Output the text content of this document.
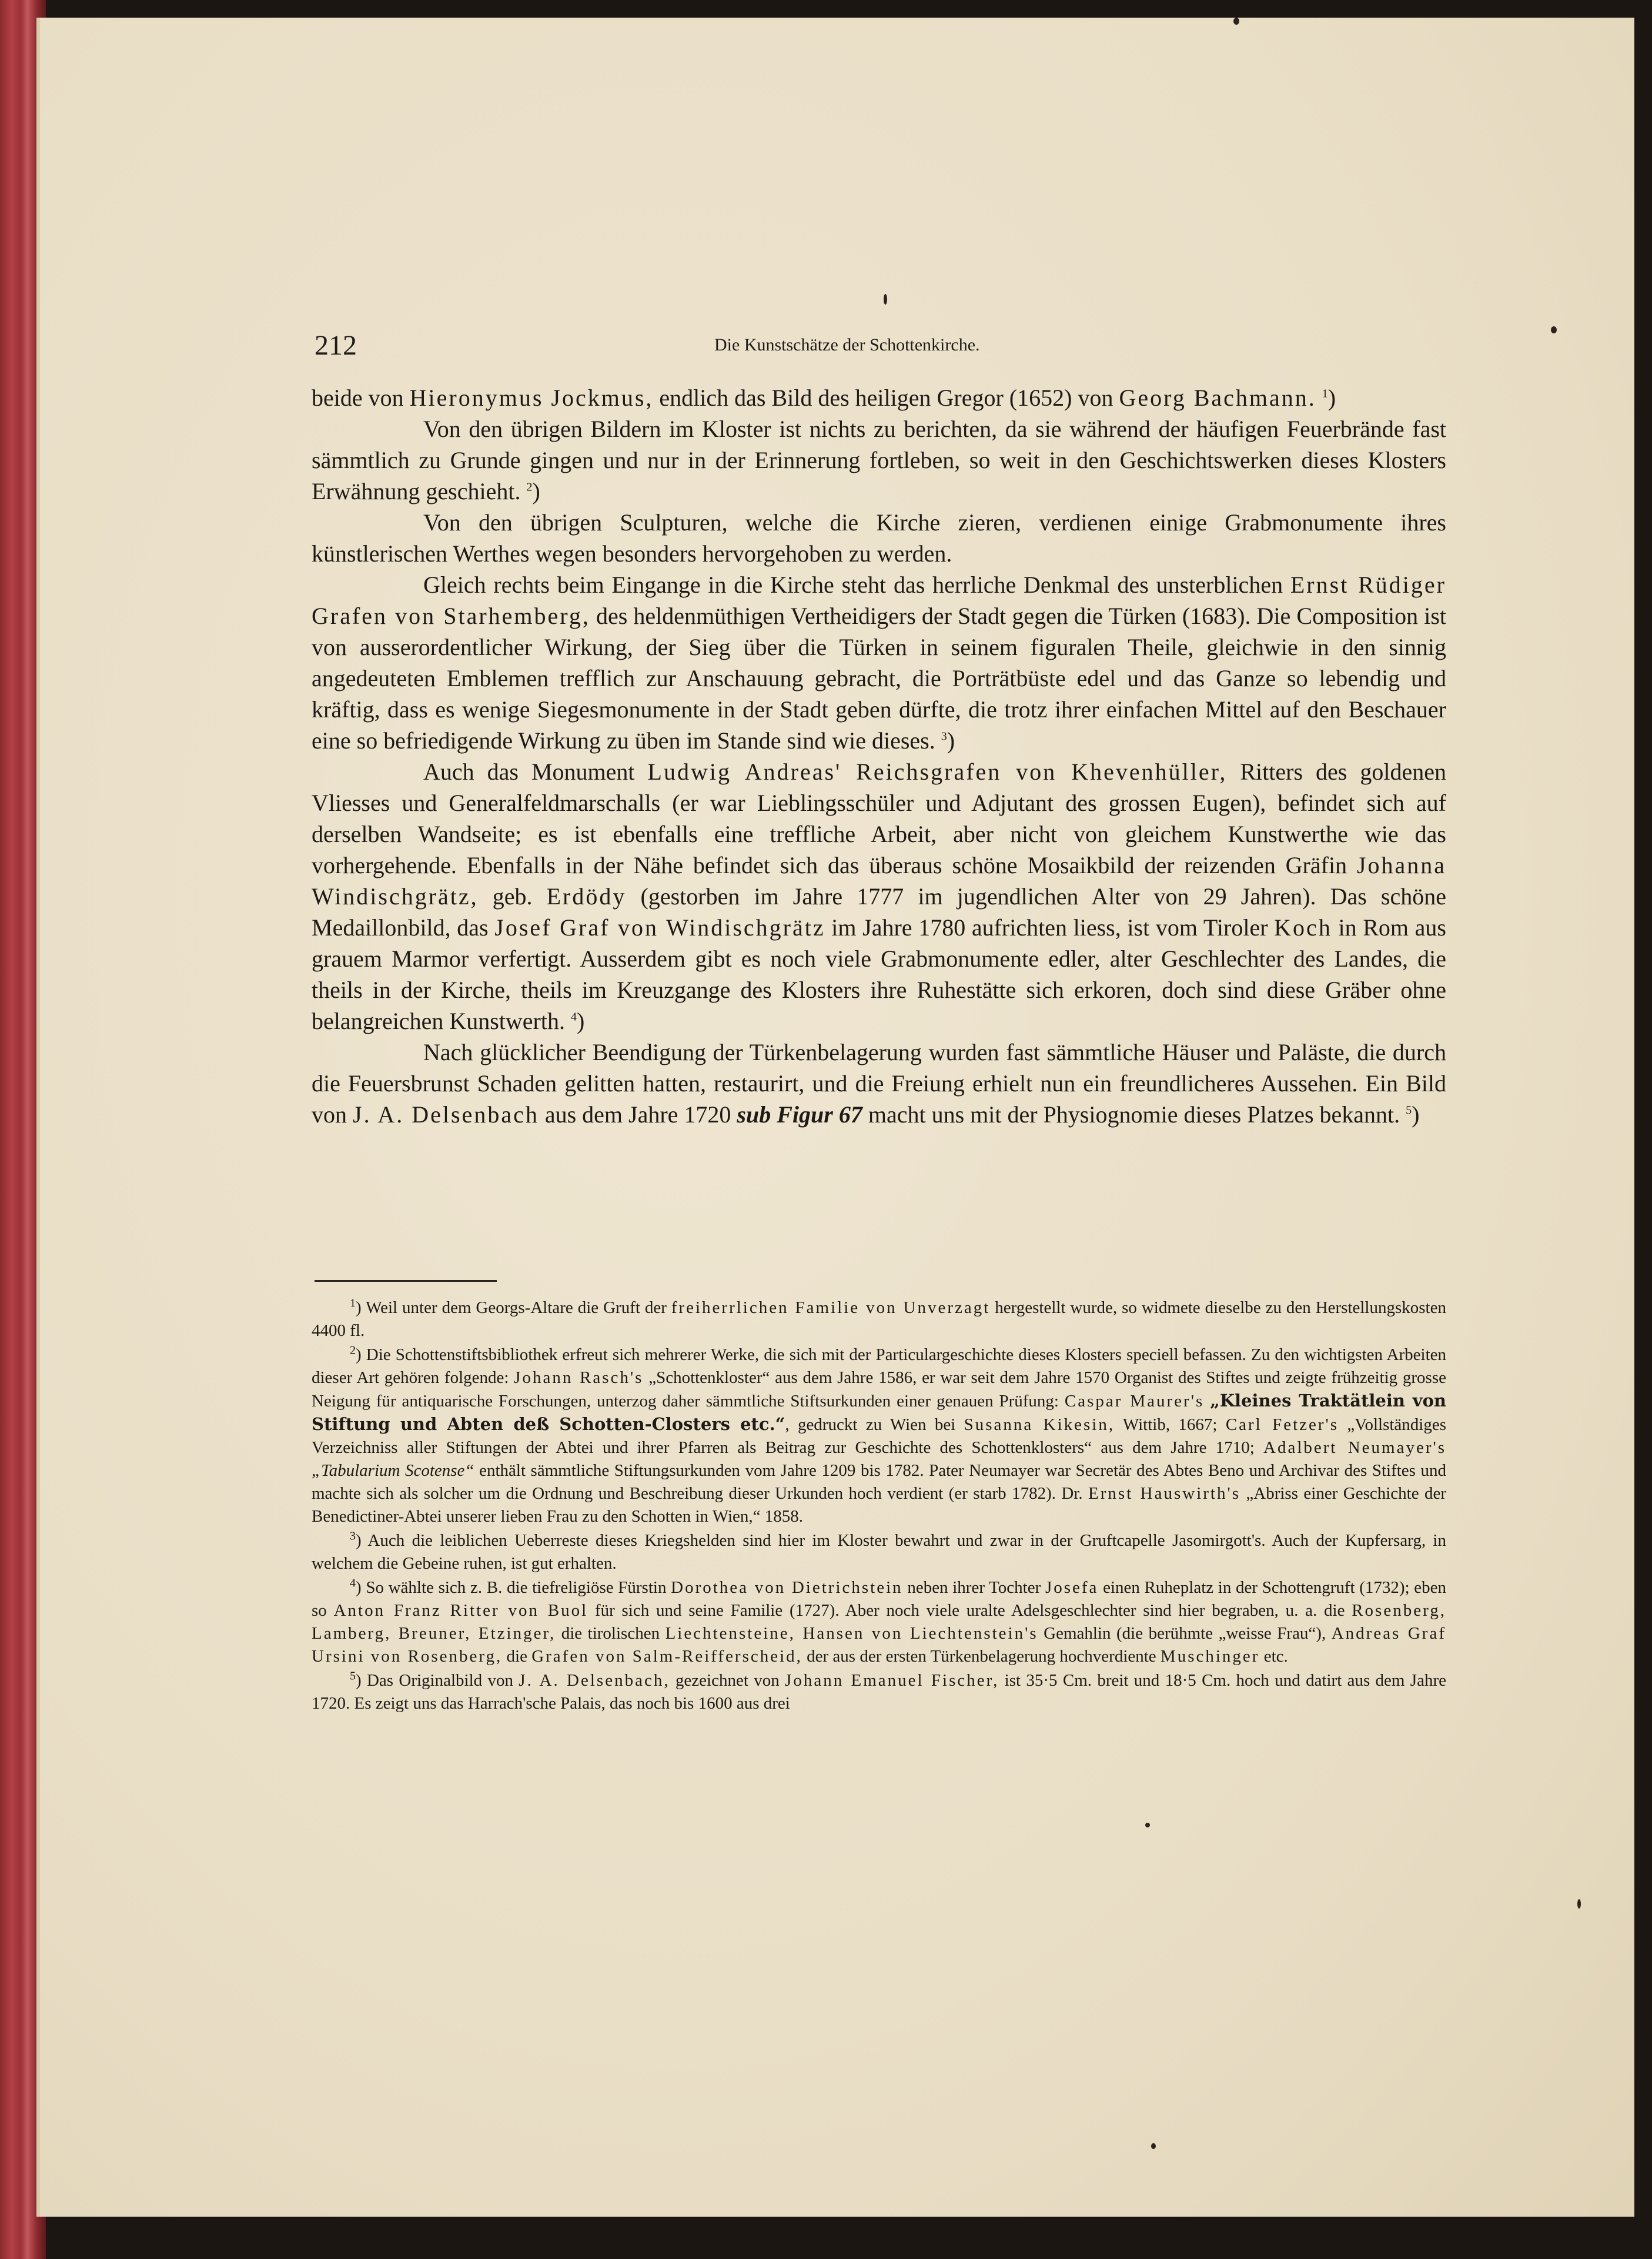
212	Die Kunstschätze der Schottenkirche.

beide von Hieronymus Jockmus, endlich das Bild des heiligen Gregor (1652) von Georg Bachmann. $^1$)

Von den übrigen Bildern im Kloster ist nichts zu berichten, da sie während der häufigen Feuerbrände fast sämmtlich zu Grunde gingen und nur in der Erinnerung fortleben, so weit in den Geschichtswerken dieses Klosters Erwähnung geschieht. $^2$)

Von den übrigen Sculpturen, welche die Kirche zieren, verdienen einige Grabmonumente ihres künstlerischen Werthes wegen besonders hervorgehoben zu werden.

Gleich rechts beim Eingange in die Kirche steht das herrliche Denkmal des unsterblichen Ernst Rüdiger Grafen von Starhemberg, des heldenmüthigen Vertheidigers der Stadt gegen die Türken (1683). Die Composition ist von ausserordentlicher Wirkung, der Sieg über die Türken in seinem figuralen Theile, gleichwie in den sinnig angedeuteten Emblemen trefflich zur Anschauung gebracht, die Porträtbüste edel und das Ganze so lebendig und kräftig, dass es wenige Siegesmonumente in der Stadt geben dürfte, die trotz ihrer einfachen Mittel auf den Beschauer eine so befriedigende Wirkung zu üben im Stande sind wie dieses. $^3$)

Auch das Monument Ludwig Andreas' Reichsgrafen von Khevenhüller, Ritters des goldenen Vliesses und Generalfeldmarschalls (er war Lieblingsschüler und Adjutant des grossen Eugen), befindet sich auf derselben Wandseite; es ist ebenfalls eine treffliche Arbeit, aber nicht von gleichem Kunstwerthe wie das vorhergehende. Ebenfalls in der Nähe befindet sich das überaus schöne Mosaikbild der reizenden Gräfin Johanna Windischgrätz, geb. Erdödy (gestorben im Jahre 1777 im jugendlichen Alter von 29 Jahren). Das schöne Medaillonbild, das Josef Graf von Windischgrätz im Jahre 1780 aufrichten liess, ist vom Tiroler Koch in Rom aus grauem Marmor verfertigt. Ausserdem gibt es noch viele Grabmonumente edler, alter Geschlechter des Landes, die theils in der Kirche, theils im Kreuzgange des Klosters ihre Ruhestätte sich erkoren, doch sind diese Gräber ohne belangreichen Kunstwerth. $^4$)

Nach glücklicher Beendigung der Türkenbelagerung wurden fast sämmtliche Häuser und Paläste, die durch die Feuersbrunst Schaden gelitten hatten, restaurirt, und die Freiung erhielt nun ein freundlicheres Aussehen. Ein Bild von J. A. Delsenbach aus dem Jahre 1720 sub Figur 67 macht uns mit der Physiognomie dieses Platzes bekannt. $^5$)

$^1$) Weil unter dem Georgs-Altare die Gruft der freiherrlichen Familie von Unverzagt hergestellt wurde, so widmete dieselbe zu den Herstellungskosten 4400 fl.

$^2$) Die Schottenstiftsbibliothek erfreut sich mehrerer Werke, die sich mit der Particulargeschichte dieses Klosters speciell befassen. Zu den wichtigsten Arbeiten dieser Art gehören folgende: Johann Rasch's „Schottenkloster“ aus dem Jahre 1586, er war seit dem Jahre 1570 Organist des Stiftes und zeigte frühzeitig grosse Neigung für antiquarische Forschungen, unterzog daher sämmtliche Stiftsurkunden einer genauen Prüfung: Caspar Maurer's „Kleines Traktätlein von Stiftung und Abten deß Schotten-Closters etc.“, gedruckt zu Wien bei Susanna Kikesin, Wittib, 1667; Carl Fetzer's „Vollständiges Verzeichniss aller Stiftungen der Abtei und ihrer Pfarren als Beitrag zur Geschichte des Schottenklosters“ aus dem Jahre 1710; Adalbert Neumayer's „Tabularium Scotense“ enthält sämmtliche Stiftungsurkunden vom Jahre 1209 bis 1782. Pater Neumayer war Secretär des Abtes Beno und Archivar des Stiftes und machte sich als solcher um die Ordnung und Beschreibung dieser Urkunden hoch verdient (er starb 1782). Dr. Ernst Hauswirth's „Abriss einer Geschichte der Benedictiner-Abtei unserer lieben Frau zu den Schotten in Wien,“ 1858.

$^3$) Auch die leiblichen Ueberreste dieses Kriegshelden sind hier im Kloster bewahrt und zwar in der Gruftcapelle Jasomirgott's. Auch der Kupfersarg, in welchem die Gebeine ruhen, ist gut erhalten.

$^4$) So wählte sich z. B. die tiefreligiöse Fürstin Dorothea von Dietrichstein neben ihrer Tochter Josefa einen Ruheplatz in der Schottengruft (1732); eben so Anton Franz Ritter von Buol für sich und seine Familie (1727). Aber noch viele uralte Adelsgeschlechter sind hier begraben, u. a. die Rosenberg, Lamberg, Breuner, Etzinger, die tirolischen Liechtensteine, Hansen von Liechtenstein's Gemahlin (die berühmte „weisse Frau“), Andreas Graf Ursini von Rosenberg, die Grafen von Salm-Reifferscheid, der aus der ersten Türkenbelagerung hochverdiente Muschinger etc.

$^5$) Das Originalbild von J. A. Delsenbach, gezeichnet von Johann Emanuel Fischer, ist 35·5 Cm. breit und 18·5 Cm. hoch und datirt aus dem Jahre 1720. Es zeigt uns das Harrach'sche Palais, das noch bis 1600 aus drei
